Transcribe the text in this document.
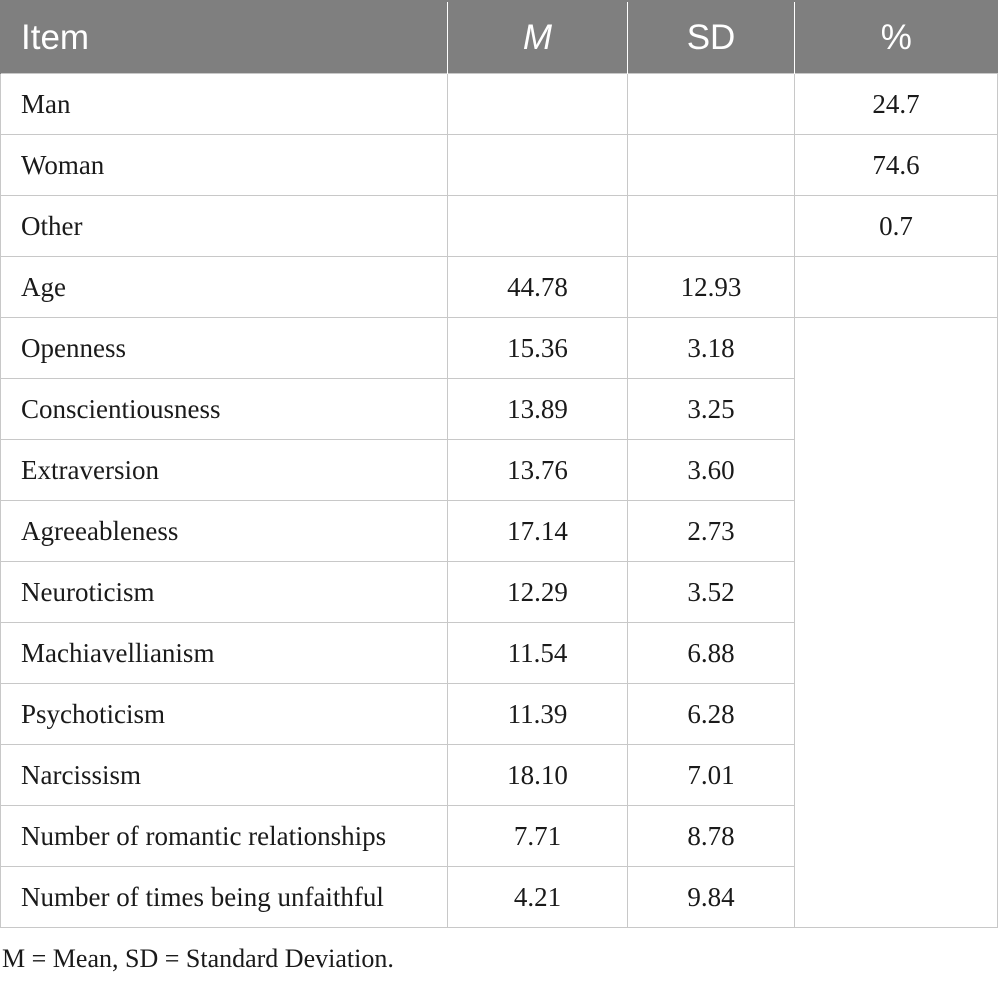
Item	M	SD	%
Man			24.7
Woman			74.6
Other			0.7
Age	44.78	12.93	
Openness	15.36	3.18	
Conscientiousness	13.89	3.25	
Extraversion	13.76	3.60	
Agreeableness	17.14	2.73	
Neuroticism	12.29	3.52	
Machiavellianism	11.54	6.88	
Psychoticism	11.39	6.28	
Narcissism	18.10	7.01	
Number of romantic relationships	7.71	8.78	
Number of times being unfaithful	4.21	9.84	

M = Mean, SD = Standard Deviation.
